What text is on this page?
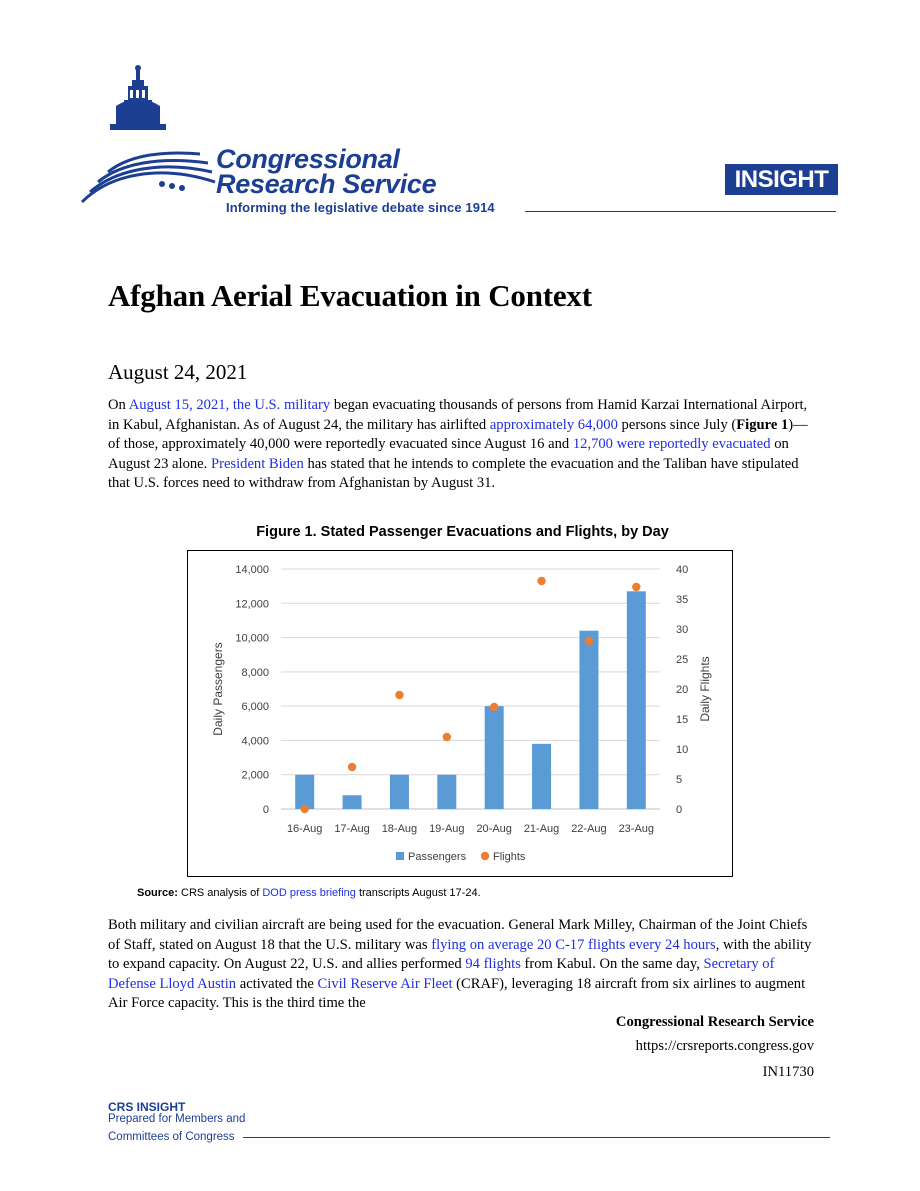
Congressional
Research Service
Informing the legislative debate since 1914
INSIGHT
Afghan Aerial Evacuation in Context
August 24, 2021
On August 15, 2021, the U.S. military began evacuating thousands of persons from Hamid Karzai International Airport, in Kabul, Afghanistan. As of August 24, the military has airlifted approximately 64,000 persons since July (Figure 1)—of those, approximately 40,000 were reportedly evacuated since August 16 and 12,700 were reportedly evacuated on August 23 alone. President Biden has stated that he intends to complete the evacuation and the Taliban have stipulated that U.S. forces need to withdraw from Afghanistan by August 31.
Figure 1. Stated Passenger Evacuations and Flights, by Day
0
2,000
4,000
6,000
8,000
10,000
12,000
14,000
0
5
10
15
20
25
30
35
40
16-Aug 17-Aug 18-Aug 19-Aug 20-Aug 21-Aug 22-Aug 23-Aug
Daily Passengers	Daily Flights
Passengers Flights
Source: CRS analysis of DOD press briefing transcripts August 17-24.
Both military and civilian aircraft are being used for the evacuation. General Mark Milley, Chairman of the Joint Chiefs of Staff, stated on August 18 that the U.S. military was flying on average 20 C-17 flights every 24 hours, with the ability to expand capacity. On August 22, U.S. and allies performed 94 flights from Kabul. On the same day, Secretary of Defense Lloyd Austin activated the Civil Reserve Air Fleet (CRAF), leveraging 18 aircraft from six airlines to augment Air Force capacity. This is the third time the
Congressional Research Service
https://crsreports.congress.gov
IN11730
CRS INSIGHT
Prepared for Members and
Committees of Congress
